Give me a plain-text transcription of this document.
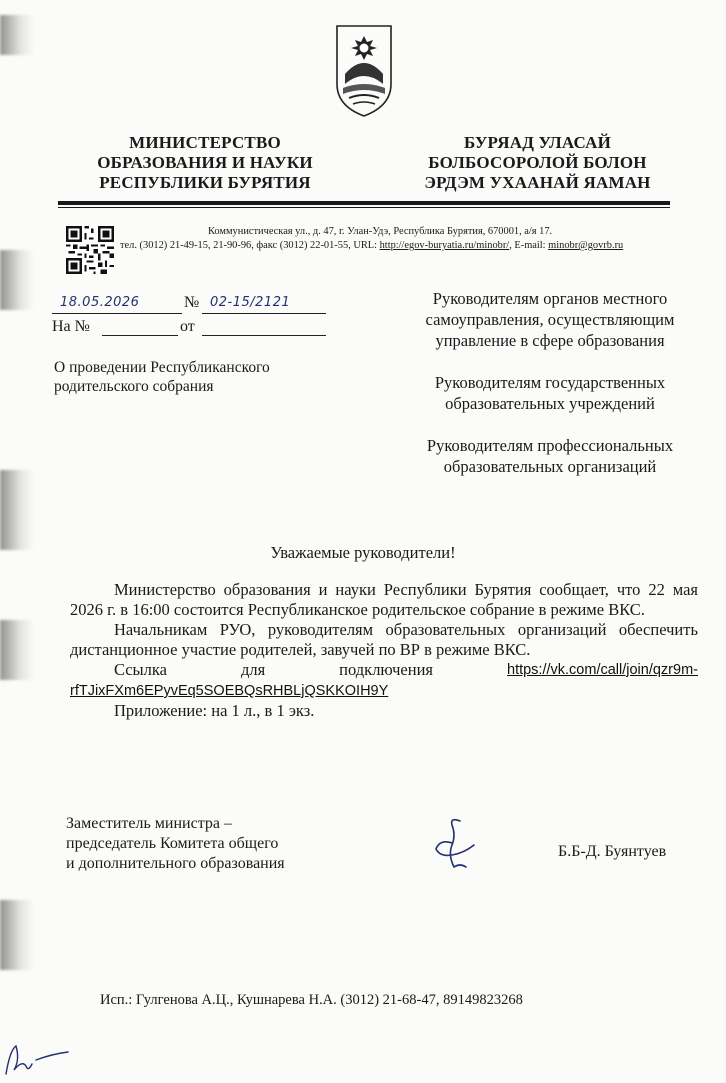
МИНИСТЕРСТВО
ОБРАЗОВАНИЯ И НАУКИ
РЕСПУБЛИКИ БУРЯТИЯ
БУРЯАД УЛАСАЙ
БОЛБОСОРОЛОЙ БОЛОН
ЭРДЭМ УХААНАЙ ЯАМАН
Коммунистическая ул., д. 47, г. Улан-Удэ, Республика Бурятия, 670001, а/я 17.
тел. (3012) 21-49-15, 21-90-96, факс (3012) 22-01-55, URL: http://egov-buryatia.ru/minobr/, E-mail: minobr@govrb.ru
18.05.2026	№ 02-15/2121
На №	от
О проведении Республиканского
родительского собрания
Руководителям органов местного
самоуправления, осуществляющим
управление в сфере образования
Руководителям государственных
образовательных учреждений
Руководителям профессиональных
образовательных организаций
Уважаемые руководители!

Министерство образования и науки Республики Бурятия сообщает, что 22 мая 2026 г. в 16:00 состоится Республиканское родительское собрание в режиме ВКС.

Начальникам РУО, руководителям образовательных организаций обеспечить дистанционное участие родителей, завучей по ВР в режиме ВКС.

Ссылка	для	подключения	https://vk.com/call/join/qzr9m-
rfTJixFXm6EPyvEq5SOEBQsRHBLjQSKKOIH9Y

Приложение: на 1 л., в 1 экз.

Заместитель министра –
председатель Комитета общего
и дополнительного образования
Б.Б-Д. Буянтуев
Исп.: Гулгенова А.Ц., Кушнарева Н.А. (3012) 21-68-47, 89149823268
